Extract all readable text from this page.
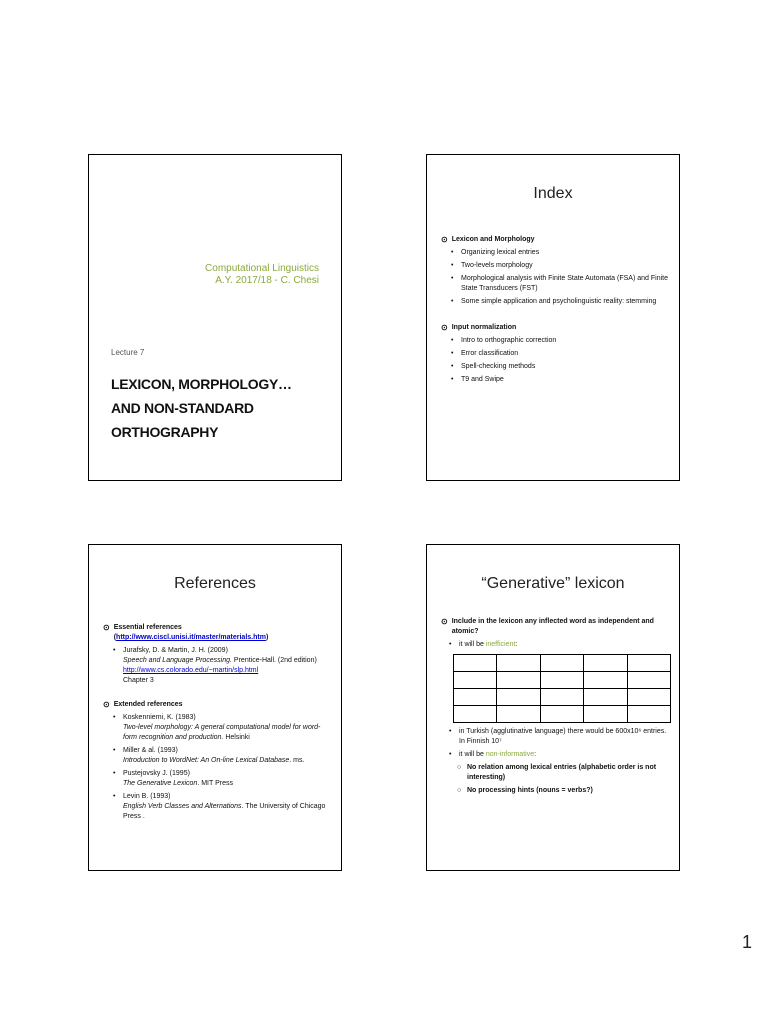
Computational Linguistics
A.Y. 2017/18 - C. Chesi
Lecture 7
LEXICON, MORPHOLOGY…
AND NON-STANDARD ORTHOGRAPHY
Index
⊙ Lexicon and Morphology
• Organizing lexical entries
• Two-levels morphology
• Morphological analysis with Finite State Automata (FSA) and Finite State Transducers (FST)
• Some simple application and psycholinguistic reality: stemming
⊙ Input normalization
• Intro to orthographic correction
• Error classification
• Spell-checking methods
• T9 and Swipe
References
⊙ Essential references (http://www.ciscl.unisi.it/master/materials.htm)
• Jurafsky, D. & Martin, J. H. (2009)
Speech and Language Processing. Prentice-Hall. (2nd edition)
http://www.cs.colorado.edu/~martin/slp.html
Chapter 3
⊙ Extended references
• Koskenniemi, K. (1983)
Two-level morphology: A general computational model for word-form recognition and production. Helsinki
• Miller & al. (1993)
Introduction to WordNet: An On-line Lexical Database. ms.
• Pustejovsky J. (1995)
The Generative Lexicon. MIT Press
• Levin B. (1993)
English Verb Classes and Alternations. The University of Chicago Press .
“Generative” lexicon
⊙ Include in the lexicon any inflected word as independent and atomic?
• it will be inefficient:

• in Turkish (agglutinative language) there would be 600x10⁶ entries. In Finnish 10⁷
• it will be non-informative:
○ No relation among lexical entries (alphabetic order is not interesting)
○ No processing hints (nouns = verbs?)
1
